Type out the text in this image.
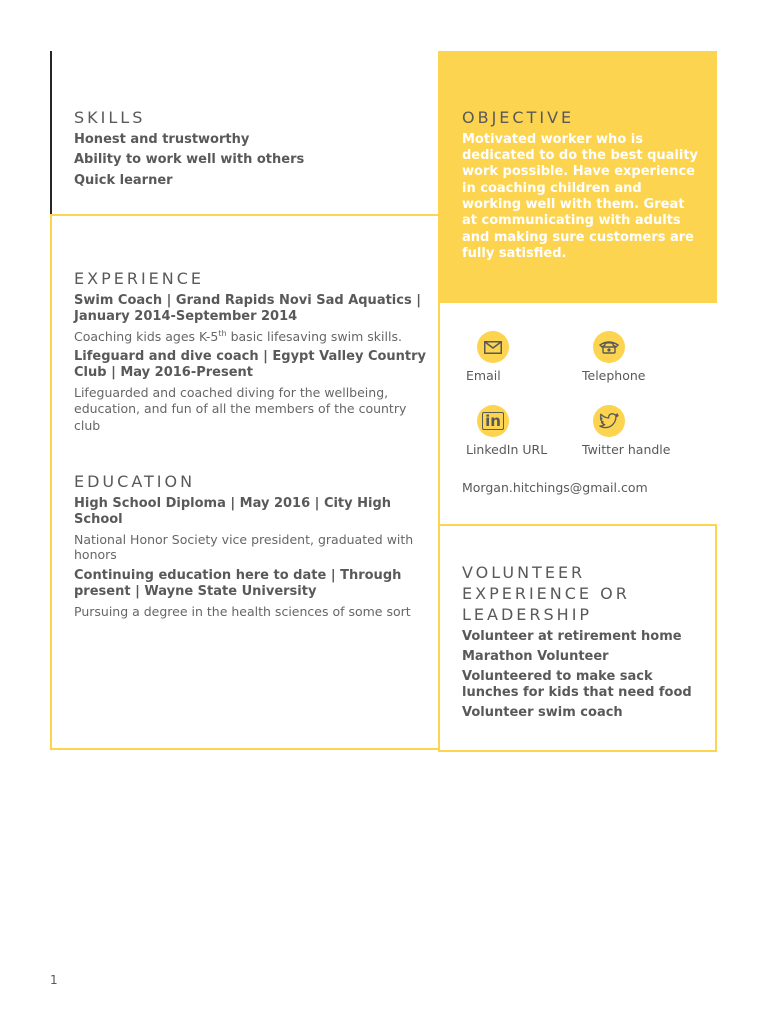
SKILLS

Honest and trustworthy

Ability to work well with others

Quick learner

OBJECTIVE

Motivated worker who is

dedicated to do the best quality

work possible. Have experience

in coaching children and

working well with them. Great

at communicating with adults

and making sure customers are

fully satisfied.

EXPERIENCE

Swim Coach | Grand Rapids Novi Sad Aquatics |

January 2014-September 2014

Coaching kids ages K-5th basic lifesaving swim skills.

Lifeguard and dive coach | Egypt Valley Country

Club | May 2016-Present

Lifeguarded and coached diving for the wellbeing,

education, and fun of all the members of the country

club

EDUCATION

High School Diploma | May 2016 | City High

School

National Honor Society vice president, graduated with

honors

Continuing education here to date | Through

present | Wayne State University

Pursuing a degree in the health sciences of some sort

Email	Telephone

in

LinkedIn URL	Twitter handle

Morgan.hitchings@gmail.com

VOLUNTEER
EXPERIENCE OR
LEADERSHIP

Volunteer at retirement home

Marathon Volunteer

Volunteered to make sack

lunches for kids that need food

Volunteer swim coach

1
